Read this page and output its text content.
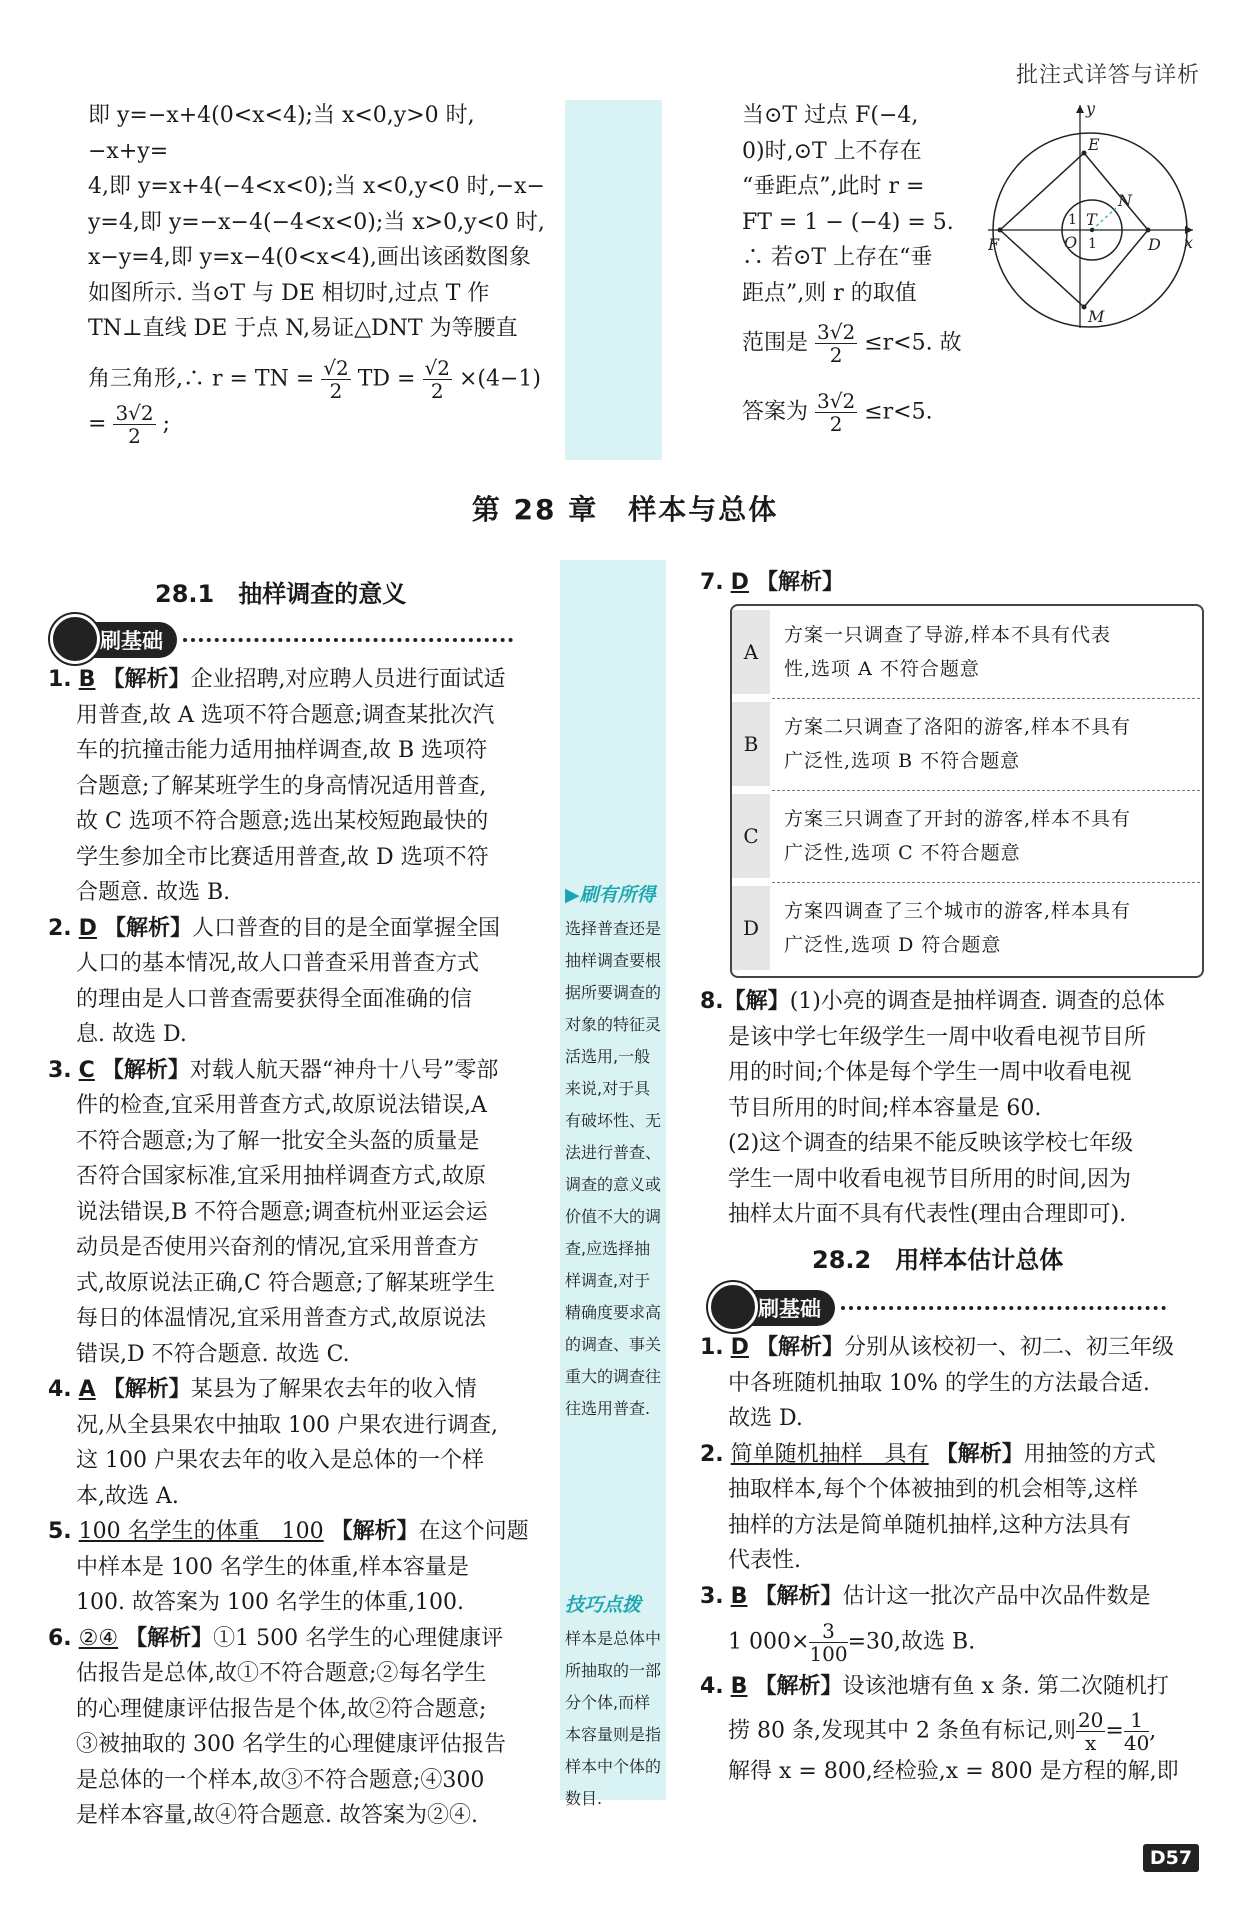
批注式详答与详析

即 y=−x+4(0<x<4);当 x<0,y>0 时,−x+y=

4,即 y=x+4(−4<x<0);当 x<0,y<0 时,−x−

y=4,即 y=−x−4(−4<x<0);当 x>0,y<0 时,

x−y=4,即 y=x−4(0<x<4),画出该函数图象

如图所示. 当⊙T 与 DE 相切时,过点 T 作

TN⊥直线 DE 于点 N,易证△DNT 为等腰直

角三角形,∴ r = TN = $\frac{√2}{2}$ TD = $\frac{√2}{2} \times(4-1) = \frac{3√2}{2}$ ;

当⊙T 过点 F(−4,

0)时,⊙T 上不存在

“垂距点”,此时 r =

FT = 1 − (−4) = 5.

∴ 若⊙T 上存在“垂

距点”,则 r 的取值

范围是 $\frac{3√2}{2} \le r<5$. 故

答案为 $\frac{3√2}{2} \le r<5$.

y
x
E
N
T
O
F	D
M
1
1
第 28 章　样本与总体
28.1　抽样调查的意义
刷基础
▶刷有所得
选择普查还是
抽样调查要根
据所要调查的
对象的特征灵
活选用,一般
来说,对于具
有破坏性、无
法进行普查、
调查的意义或
价值不大的调
查,应选择抽
样调查,对于
精确度要求高
的调查、事关
重大的调查往
往选用普查.
技巧点拨
样本是总体中
所抽取的一部
分个体,而样
本容量则是指
样本中个体的
数目.

1. B 【解析】企业招聘,对应聘人员进行面试适

用普查,故 A 选项不符合题意;调查某批次汽

车的抗撞击能力适用抽样调查,故 B 选项符

合题意;了解某班学生的身高情况适用普查,

故 C 选项不符合题意;选出某校短跑最快的

学生参加全市比赛适用普查,故 D 选项不符

合题意. 故选 B.

2. D 【解析】人口普查的目的是全面掌握全国

人口的基本情况,故人口普查采用普查方式

的理由是人口普查需要获得全面准确的信

息. 故选 D.

3. C 【解析】对载人航天器“神舟十八号”零部

件的检查,宜采用普查方式,故原说法错误,A

不符合题意;为了解一批安全头盔的质量是

否符合国家标准,宜采用抽样调查方式,故原

说法错误,B 不符合题意;调查杭州亚运会运

动员是否使用兴奋剂的情况,宜采用普查方

式,故原说法正确,C 符合题意;了解某班学生

每日的体温情况,宜采用普查方式,故原说法

错误,D 不符合题意. 故选 C.

4. A 【解析】某县为了解果农去年的收入情

况,从全县果农中抽取 100 户果农进行调查,

这 100 户果农去年的收入是总体的一个样

本,故选 A.

5. 100 名学生的体重　100 【解析】在这个问题

中样本是 100 名学生的体重,样本容量是

100. 故答案为 100 名学生的体重,100.

6. ②④ 【解析】①1 500 名学生的心理健康评

估报告是总体,故①不符合题意;②每名学生

的心理健康评估报告是个体,故②符合题意;

③被抽取的 300 名学生的心理健康评估报告

是总体的一个样本,故③不符合题意;④300

是样本容量,故④符合题意. 故答案为②④.

7. D 【解析】

A
方案一只调查了导游,样本不具有代表
性,选项 A 不符合题意
B
方案二只调查了洛阳的游客,样本不具有
广泛性,选项 B 不符合题意
C
方案三只调查了开封的游客,样本不具有
广泛性,选项 C 不符合题意
D
方案四调查了三个城市的游客,样本具有
广泛性,选项 D 符合题意

8.【解】(1)小亮的调查是抽样调查. 调查的总体

是该中学七年级学生一周中收看电视节目所

用的时间;个体是每个学生一周中收看电视

节目所用的时间;样本容量是 60.

(2)这个调查的结果不能反映该学校七年级

学生一周中收看电视节目所用的时间,因为

抽样太片面不具有代表性(理由合理即可).

28.2　用样本估计总体
刷基础

1. D 【解析】分别从该校初一、初二、初三年级

中各班随机抽取 10% 的学生的方法最合适.

故选 D.

2. 简单随机抽样　具有 【解析】用抽签的方式

抽取样本,每个个体被抽到的机会相等,这样

抽样的方法是简单随机抽样,这种方法具有

代表性.

3. B 【解析】估计这一批次产品中次品件数是

1 $000\times \frac{3}{100} =30$,故选 B.

4. B 【解析】设该池塘有鱼 x 条. 第二次随机打

捞 80 条,发现其中 2 条鱼有标记,则 $\frac{20}{x} = \frac{1}{40}$ ,

解得 x = 800,经检验,x = 800 是方程的解,即

D57
